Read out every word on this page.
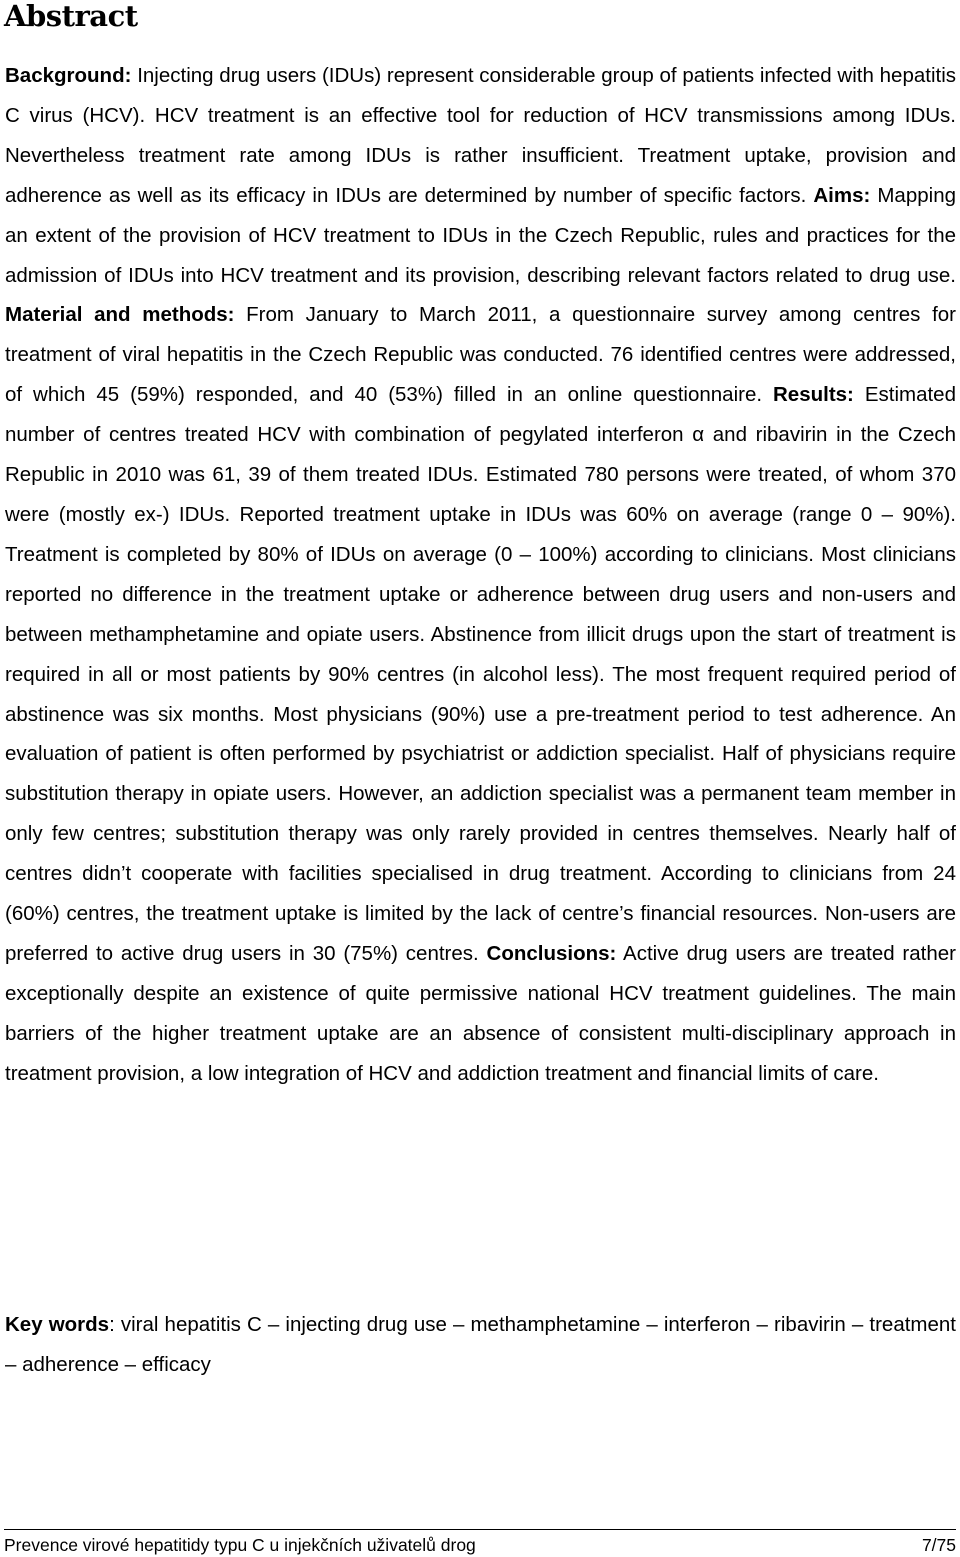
Abstract

Background: Injecting drug users (IDUs) represent considerable group of patients infected with hepatitis C virus (HCV). HCV treatment is an effective tool for reduction of HCV transmissions among IDUs. Nevertheless treatment rate among IDUs is rather insufficient. Treatment uptake, provision and adherence as well as its efficacy in IDUs are determined by number of specific factors. Aims: Mapping an extent of the provision of HCV treatment to IDUs in the Czech Republic, rules and practices for the admission of IDUs into HCV treatment and its provision, describing relevant factors related to drug use. Material and methods: From January to March 2011, a questionnaire survey among centres for treatment of viral hepatitis in the Czech Republic was conducted. 76 identified centres were addressed, of which 45 (59%) responded, and 40 (53%) filled in an online questionnaire. Results: Estimated number of centres treated HCV with combination of pegylated interferon α and ribavirin in the Czech Republic in 2010 was 61, 39 of them treated IDUs. Estimated 780 persons were treated, of whom 370 were (mostly ex-) IDUs. Reported treatment uptake in IDUs was 60% on average (range 0 – 90%). Treatment is completed by 80% of IDUs on average (0 – 100%) according to clinicians. Most clinicians reported no difference in the treatment uptake or adherence between drug users and non-users and between methamphetamine and opiate users. Abstinence from illicit drugs upon the start of treatment is required in all or most patients by 90% centres (in alcohol less). The most frequent required period of abstinence was six months. Most physicians (90%) use a pre-treatment period to test adherence. An evaluation of patient is often performed by psychiatrist or addiction specialist. Half of physicians require substitution therapy in opiate users. However, an addiction specialist was a permanent team member in only few centres; substitution therapy was only rarely provided in centres themselves. Nearly half of centres didn’t cooperate with facilities specialised in drug treatment. According to clinicians from 24 (60%) centres, the treatment uptake is limited by the lack of centre’s financial resources. Non-users are preferred to active drug users in 30 (75%) centres. Conclusions: Active drug users are treated rather exceptionally despite an existence of quite permissive national HCV treatment guidelines. The main barriers of the higher treatment uptake are an absence of consistent multi-disciplinary approach in treatment provision, a low integration of HCV and addiction treatment and financial limits of care.

Key words: viral hepatitis C – injecting drug use – methamphetamine – interferon – ribavirin – treatment – adherence – efficacy

Prevence virové hepatitidy typu C u injekčních uživatelů drog	7/75
